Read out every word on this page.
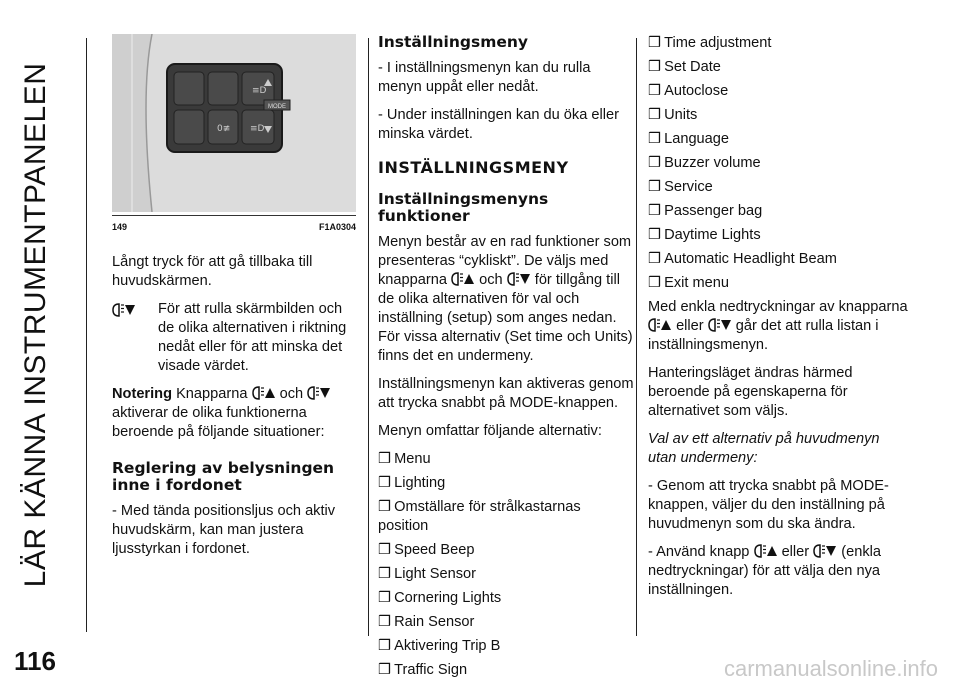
LÄR KÄNNA INSTRUMENTPANELEN	MODE
≡D
0≢ ≡D
149	F1A0304

Långt tryck för att gå tillbaka till huvudskärmen.

För att rulla skärmbilden och de olika alternativen i riktning nedåt eller för att minska det visade värdet.

Notering Knapparna och  aktiverar de olika funktionerna beroende på följande situationer:

Reglering av belysningen inne i fordonet

- Med tända positionsljus och aktiv huvudskärm, kan man justera ljusstyrkan i fordonet.

Inställningsmeny

- I inställningsmenyn kan du rulla menyn uppåt eller nedåt.

- Under inställningen kan du öka eller minska värdet.

INSTÄLLNINGSMENY
Inställningsmenyns funktioner

Menyn består av en rad funktioner som presenteras “cykliskt”. De väljs med knapparna och för tillgång till de olika alternativen för val och inställning (setup) som anges nedan. För vissa alternativ (Set time och Units) finns det en undermeny.

Inställningsmenyn kan aktiveras genom att trycka snabbt på MODE-knappen.

Menyn omfattar följande alternativ:

❒ Menu
❒ Lighting
❒ Omställare för strålkastarnas position
❒ Speed Beep
❒ Light Sensor
❒ Cornering Lights
❒ Rain Sensor
❒ Aktivering Trip B
❒ Traffic Sign
❒ Time adjustment
❒ Set Date
❒ Autoclose
❒ Units
❒ Language
❒ Buzzer volume
❒ Service
❒ Passenger bag
❒ Daytime Lights
❒ Automatic Headlight Beam
❒ Exit menu

Med enkla nedtryckningar av knapparna  eller går det att rulla listan i inställningsmenyn.

Hanteringsläget ändras härmed beroende på egenskaperna för alternativet som väljs.

Val av ett alternativ på huvudmenyn utan undermeny:

- Genom att trycka snabbt på MODE-knappen, väljer du den inställning på huvudmenyn som du ska ändra.

- Använd knapp eller (enkla nedtryckningar) för att välja den nya inställningen.

116	carmanualsonline.info
